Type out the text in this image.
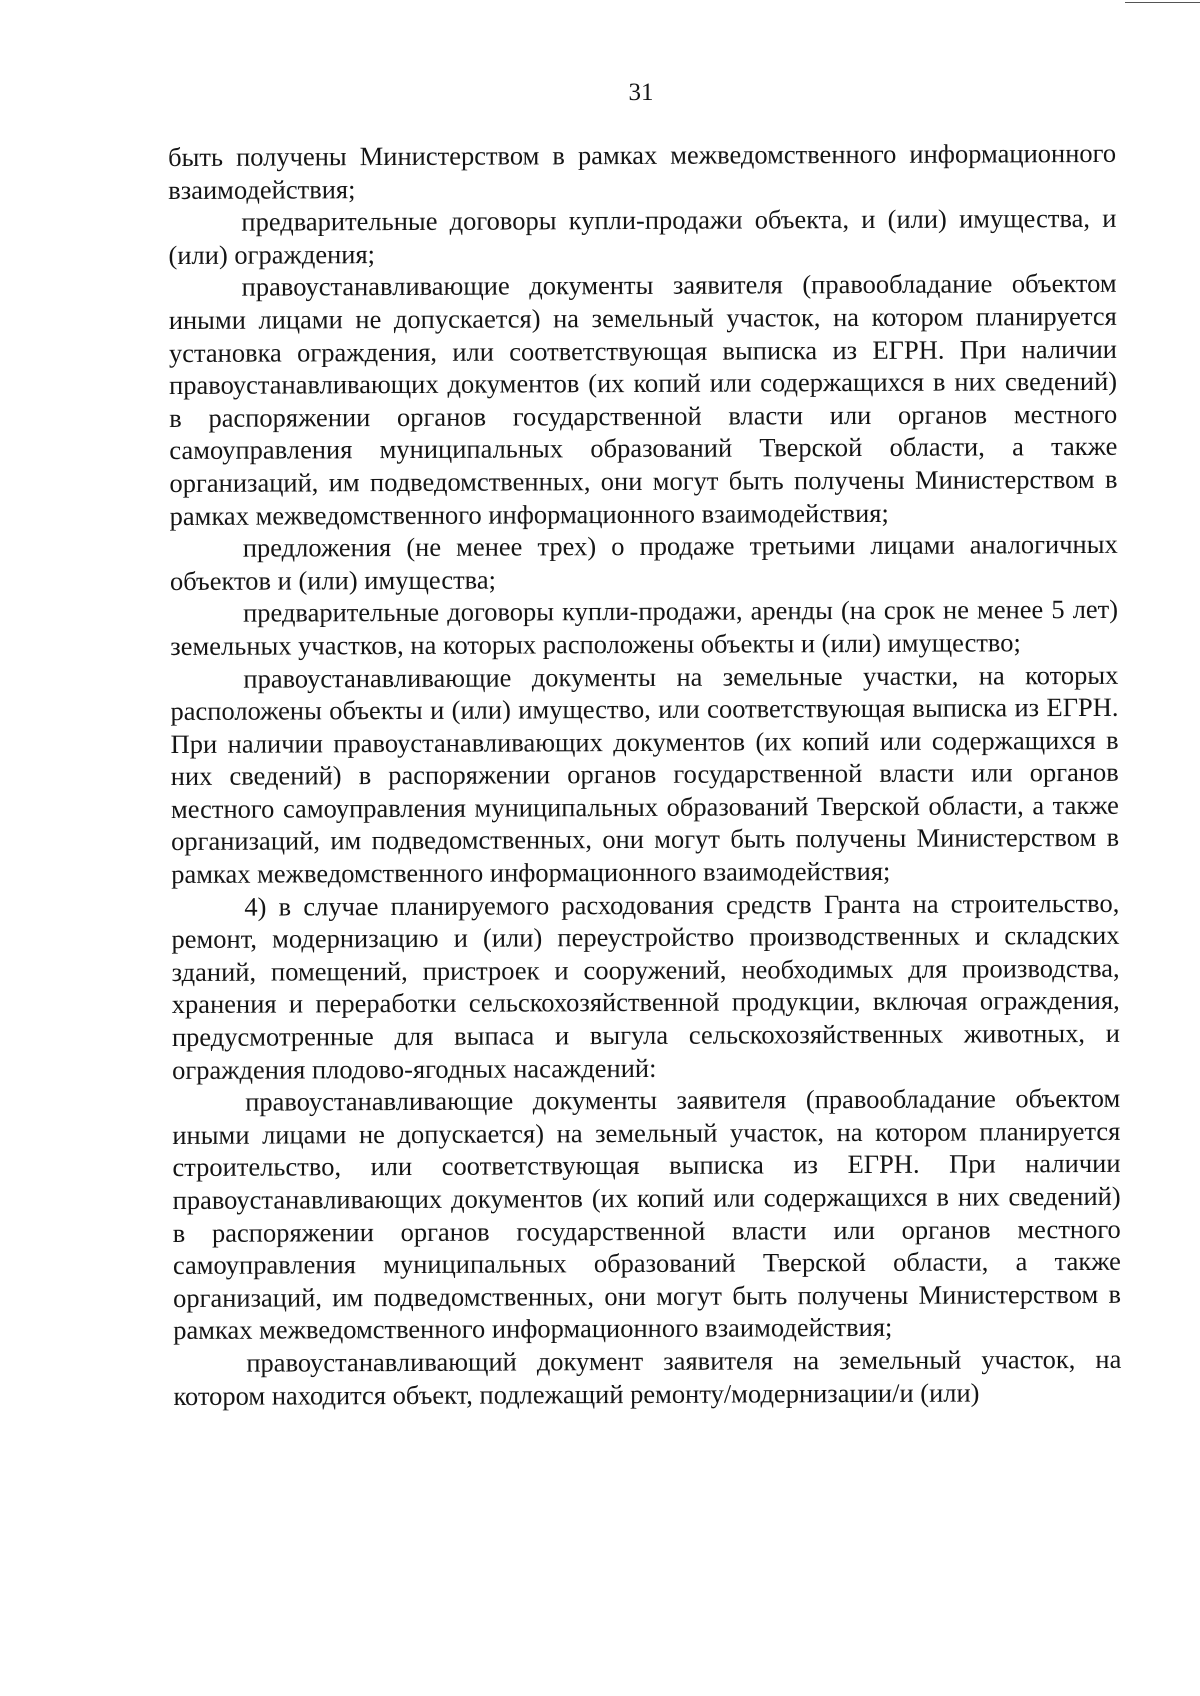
31

быть получены Министерством в рамках межведомственного информационного взаимодействия;

предварительные договоры купли-продажи объекта, и (или) имущества, и (или) ограждения;

правоустанавливающие документы заявителя (правообладание объектом иными лицами не допускается) на земельный участок, на котором планируется установка ограждения, или соответствующая выписка из ЕГРН. При наличии правоустанавливающих документов (их копий или содержащихся в них сведений) в распоряжении органов государственной власти или органов местного самоуправления муниципальных образований Тверской области, а также организаций, им подведомственных, они могут быть получены Министерством в рамках межведомственного информационного взаимодействия;

предложения (не менее трех) о продаже третьими лицами аналогичных объектов и (или) имущества;

предварительные договоры купли-продажи, аренды (на срок не менее 5 лет) земельных участков, на которых расположены объекты и (или) имущество;

правоустанавливающие документы на земельные участки, на которых расположены объекты и (или) имущество, или соответствующая выписка из ЕГРН. При наличии правоустанавливающих документов (их копий или содержащихся в них сведений) в распоряжении органов государственной власти или органов местного самоуправления муниципальных образований Тверской области, а также организаций, им подведомственных, они могут быть получены Министерством в рамках межведомственного информационного взаимодействия;

4) в случае планируемого расходования средств Гранта на строительство, ремонт, модернизацию и (или) переустройство производственных и складских зданий, помещений, пристроек и сооружений, необходимых для производства, хранения и переработки сельскохозяйственной продукции, включая ограждения, предусмотренные для выпаса и выгула сельскохозяйственных животных, и ограждения плодово-ягодных насаждений:

правоустанавливающие документы заявителя (правообладание объектом иными лицами не допускается) на земельный участок, на котором планируется строительство, или соответствующая выписка из ЕГРН. При наличии правоустанавливающих документов (их копий или содержащихся в них сведений) в распоряжении органов государственной власти или органов местного самоуправления муниципальных образований Тверской области, а также организаций, им подведомственных, они могут быть получены Министерством в рамках межведомственного информационного взаимодействия;

правоустанавливающий документ заявителя на земельный участок, на котором находится объект, подлежащий ремонту/модернизации/и (или)
